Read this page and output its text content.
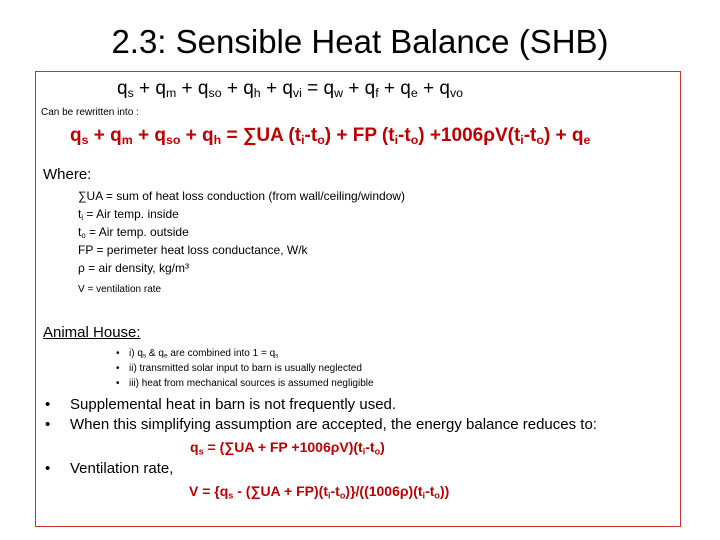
2.3: Sensible Heat Balance (SHB)
$q_s + q_m + q_{so} + q_h + q_{vi} = q_w + q_f + q_e + q_{vo}$
Can be rewritten into :
$q_s + q_m + q_{so} + q_h = \sum UA$ $(t_i-t_o)$ + FP $(t_i-t_o) +1006\rho V(t_i-t_o) + q_e$
Where:
∑UA = sum of heat loss conduction (from wall/ceiling/window)
$t_i$ = Air temp. inside
$t_o$ = Air temp. outside
FP = perimeter heat loss conductance, W/k
ρ = air density, kg/m³
V = ventilation rate
Animal House:
• i) $q_s$ & $q_e$ are combined into $1 = q_s$
• ii) transmitted solar input to barn is usually neglected
• iii) heat from mechanical sources is assumed negligible
• Supplemental heat in barn is not frequently used.
• When this simplifying assumption are accepted, the energy balance reduces to:
$q_s = (\sum UA$ + FP $+1006\rho V)(t_i-t_o)$
• Ventilation rate,
$V = \{q_s - (\sum UA + FP)(t_i-t_o)\}/((1006\rho)(t_i-t_o))$
